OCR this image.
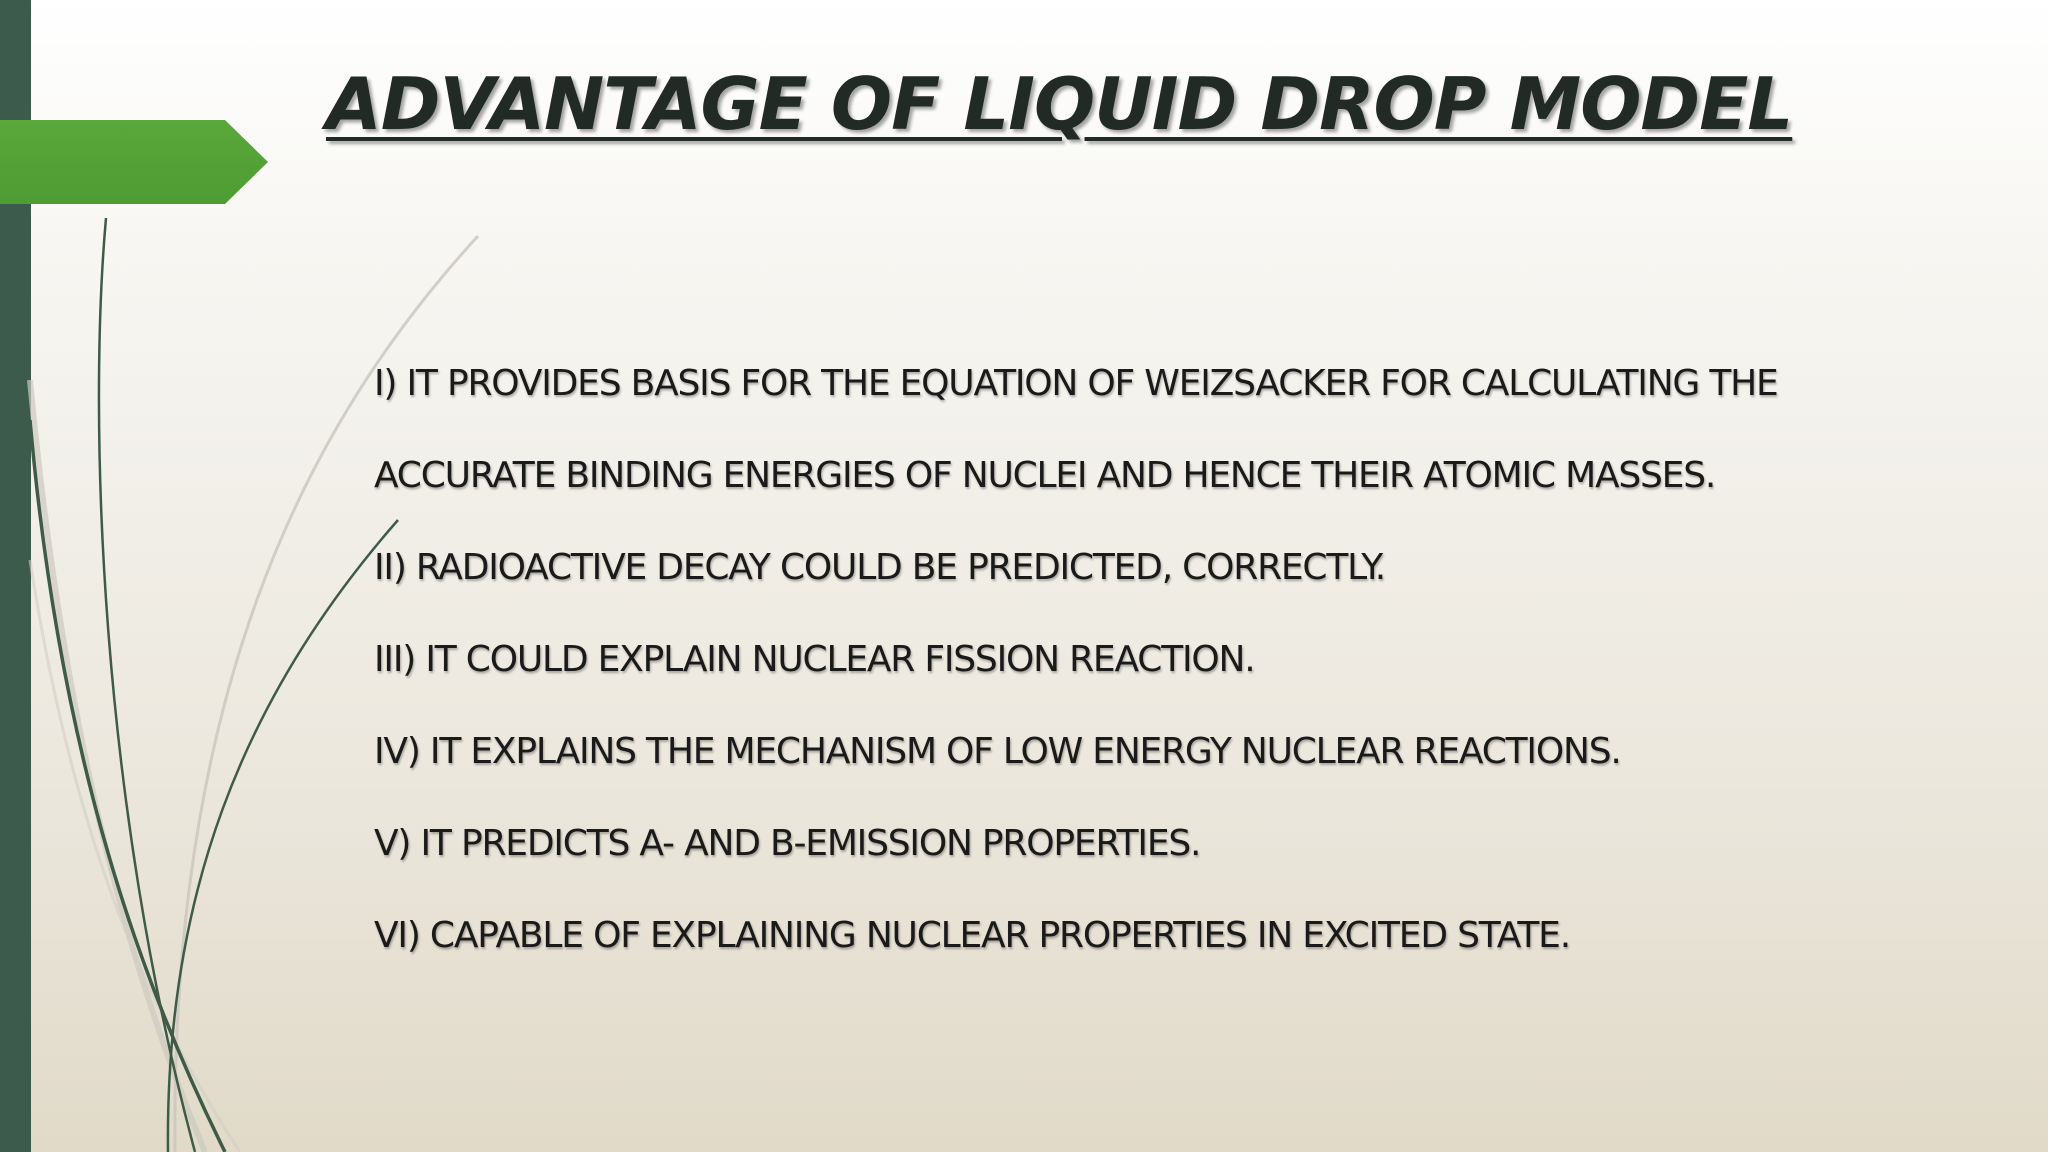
ADVANTAGE OF LIQUID DROP MODEL
I) IT PROVIDES BASIS FOR THE EQUATION OF WEIZSACKER FOR CALCULATING THE
ACCURATE BINDING ENERGIES OF NUCLEI AND HENCE THEIR ATOMIC MASSES.
II) RADIOACTIVE DECAY COULD BE PREDICTED, CORRECTLY.
III) IT COULD EXPLAIN NUCLEAR FISSION REACTION.
IV) IT EXPLAINS THE MECHANISM OF LOW ENERGY NUCLEAR REACTIONS.
V) IT PREDICTS A- AND B-EMISSION PROPERTIES.
VI) CAPABLE OF EXPLAINING NUCLEAR PROPERTIES IN EXCITED STATE.
